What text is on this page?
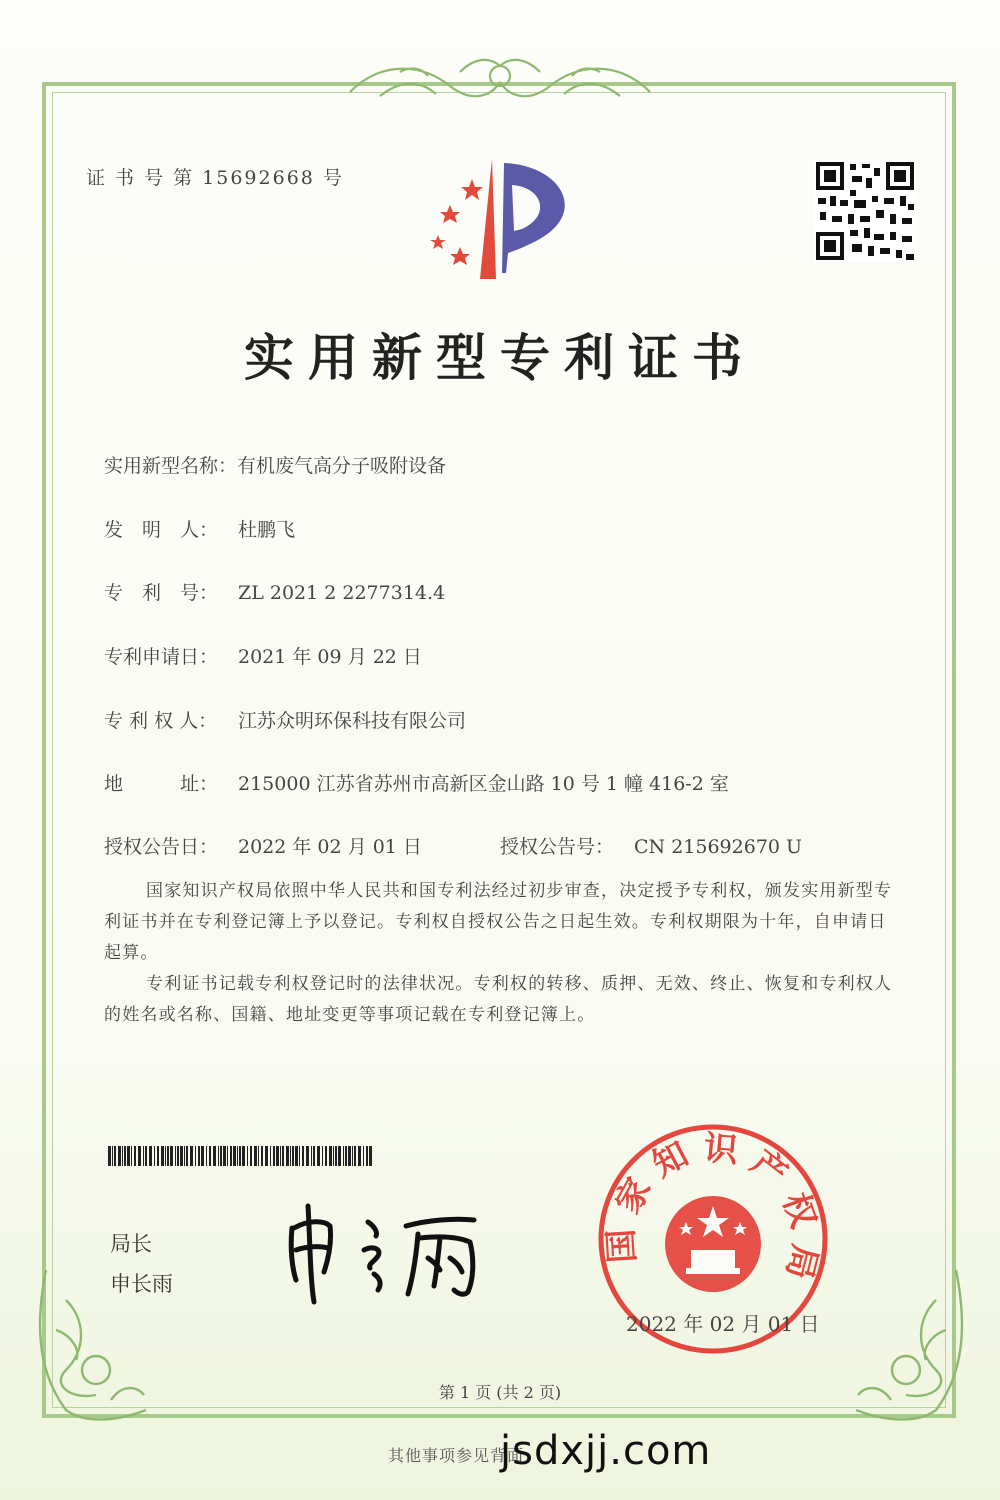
证 书 号 第 15692668 号
实用新型专利证书
实用新型名称：有机废气高分子吸附设备
发　明　人： 杜鹏飞
专　利　号： ZL 2021 2 2277314.4
专利申请日： 2021 年 09 月 22 日
专 利 权 人： 江苏众明环保科技有限公司
地　　　址： 215000 江苏省苏州市高新区金山路 10 号 1 幢 416-2 室
授权公告日： 2022 年 02 月 01 日	授权公告号： CN 215692670 U
国家知识产权局依照中华人民共和国专利法经过初步审查，决定授予专利权，颁发实用新型专利证书并在专利登记簿上予以登记。专利权自授权公告之日起生效。专利权期限为十年，自申请日起算。
专利证书记载专利权登记时的法律状况。专利权的转移、质押、无效、终止、恢复和专利权人的姓名或名称、国籍、地址变更等事项记载在专利登记簿上。
局长
申长雨
国 家 知 识 产 权 局
2022 年 02 月 01 日
第 1 页 (共 2 页)
其他事项参见背面
jsdxjj.com
